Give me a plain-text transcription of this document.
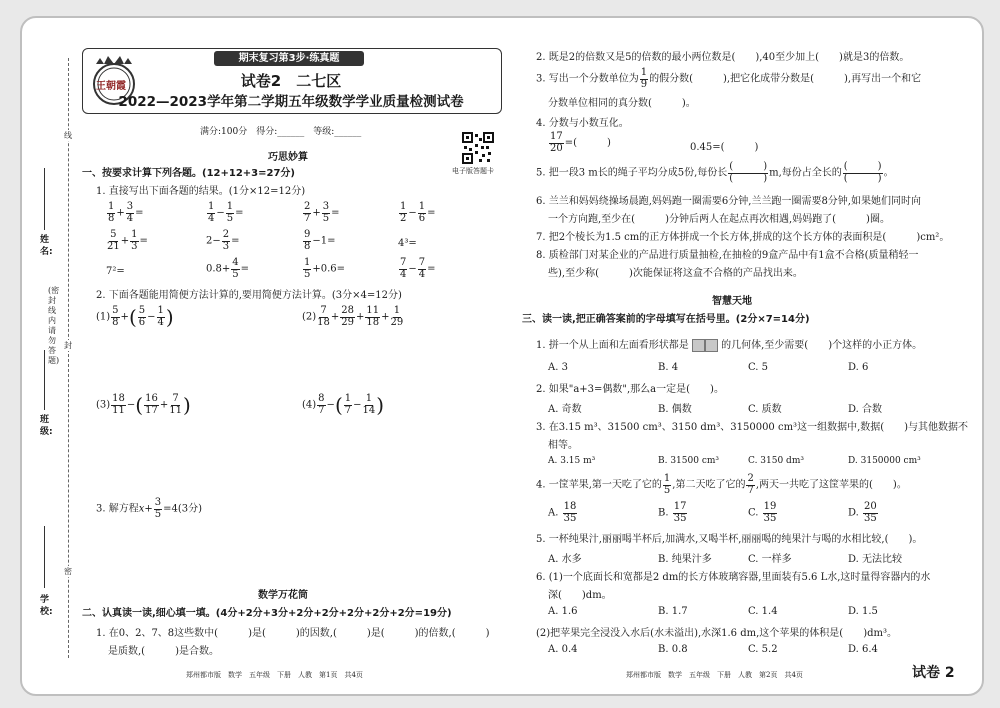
线
封
密
(密封线内请勿答题)
学校:
班级:
姓名:
王朝霞
期末复习第3步·练真题
试卷2　二七区
2022—2023学年第二学期五年级数学学业质量检测试卷
满分:100分　得分:______　等级:______
电子版答题卡
巧思妙算
一、按要求计算下列各题。(12+12+3=27分)
1. 直接写出下面各题的结果。(1分×12=12分)
$\frac{1}{8} + \frac{3}{4}$ =	$\frac{1}{4} - \frac{1}{5}$ =	$\frac{2}{7} + \frac{3}{5}$ =	$\frac{1}{2} - \frac{1}{6}$ =
$\frac{5}{21} + \frac{1}{3}$ =	$2- \frac{2}{3}$ =	$\frac{9}{8} -1=$	4³=
7²=	$0.8+ \frac{4}{5}$ =	$\frac{1}{5} +0.6=$	$\frac{7}{4} - \frac{7}{4}$ =
2. 下面各题能用简便方法计算的,要用简便方法计算。(3分×4=12分)
$(1) \frac{5}{8}$ +( $\frac{5}{6} - \frac{1}{4}$ )	$(2) \frac{7}{18} + \frac{28}{29} + \frac{11}{18} + \frac{1}{29}$
$(3) \frac{18}{11}$ −( $\frac{16}{17} + \frac{7}{11}$ )	$(4) \frac{8}{7}$ −( $\frac{1}{7} - \frac{1}{14}$ )
3. 解方程$x+ \frac{3}{5} =4(3$分)
数学万花筒
二、认真读一读,细心填一填。(4分+2分+3分+2分+2分+2分+2分+2分=19分)
1. 在0、2、7、8这些数中(　　　)是(　　　)的因数,(　　　)是(　　　)的倍数,(　　　)
是质数,(　　　)是合数。
郑州都市版　数学　五年级　下册　人教　第1页　共4页
2. 既是2的倍数又是5的倍数的最小两位数是(　　),40至少加上(　　)就是3的倍数。
3. 写出一个分数单位为 $\frac{1}{9}$ 的假分数(　　　),把它化成带分数是(　　　),再写出一个和它
分数单位相同的真分数(　　　)。
4. 分数与小数互化。
$\frac{17}{20}$ =(　　　)	0.45=(　　　)
5. 把一段3 m长的绳子平均分成5份,每份长
(　　　)
(　　　) m,每份占全长的
(　　　)
(　　　) 。
6. 兰兰和妈妈绕操场晨跑,妈妈跑一圈需要6分钟,兰兰跑一圈需要8分钟,如果她们同时向
一个方向跑,至少在(　　　)分钟后两人在起点再次相遇,妈妈跑了(　　　)圈。
7. 把2个棱长为1.5 cm的正方体拼成一个长方体,拼成的这个长方体的表面积是(　　　)cm²。
8. 质检部门对某企业的产品进行质量抽检,在抽检的9盒产品中有1盒不合格(质量稍轻一
些),至少称(　　　)次能保证将这盒不合格的产品找出来。
智慧天地
三、读一读,把正确答案前的字母填写在括号里。(2分×7=14分)
1. 拼一个从上面和左面看形状都是	的几何体,至少需要(　　)个这样的小正方体。
A. 3	B. 4	C. 5	D. 6
2. 如果"a+3=偶数",那么a一定是(　　)。
A. 奇数	B. 偶数	C. 质数	D. 合数
3. 在3.15 m³、31500 cm³、3150 dm³、3150000 cm³这一组数据中,数据(　　)与其他数据不
相等。
A. 3.15 m³	B. 31500 cm³	C. 3150 dm³	D. 3150000 cm³
4. 一筐苹果,第一天吃了它的 $\frac{1}{5}$ ,第二天吃了它的 $\frac{2}{7}$ ,两天一共吃了这筐苹果的(　　)。
A. $\frac{18}{35}$	B. $\frac{17}{35}$	C. $\frac{19}{35}$	D. $\frac{20}{35}$
5. 一杯纯果汁,丽丽喝半杯后,加满水,又喝半杯,丽丽喝的纯果汁与喝的水相比较,(　　)。
A. 水多	B. 纯果汁多	C. 一样多	D. 无法比较
6. (1)一个底面长和宽都是2 dm的长方体玻璃容器,里面装有5.6 L水,这时量得容器内的水
深(　　)dm。
A. 1.6	B. 1.7	C. 1.4	D. 1.5
(2)把苹果完全浸没入水后(水未溢出),水深1.6 dm,这个苹果的体积是(　　)dm³。
A. 0.4	B. 0.8	C. 5.2	D. 6.4
郑州都市版　数学　五年级　下册　人教　第2页　共4页	试卷 2
